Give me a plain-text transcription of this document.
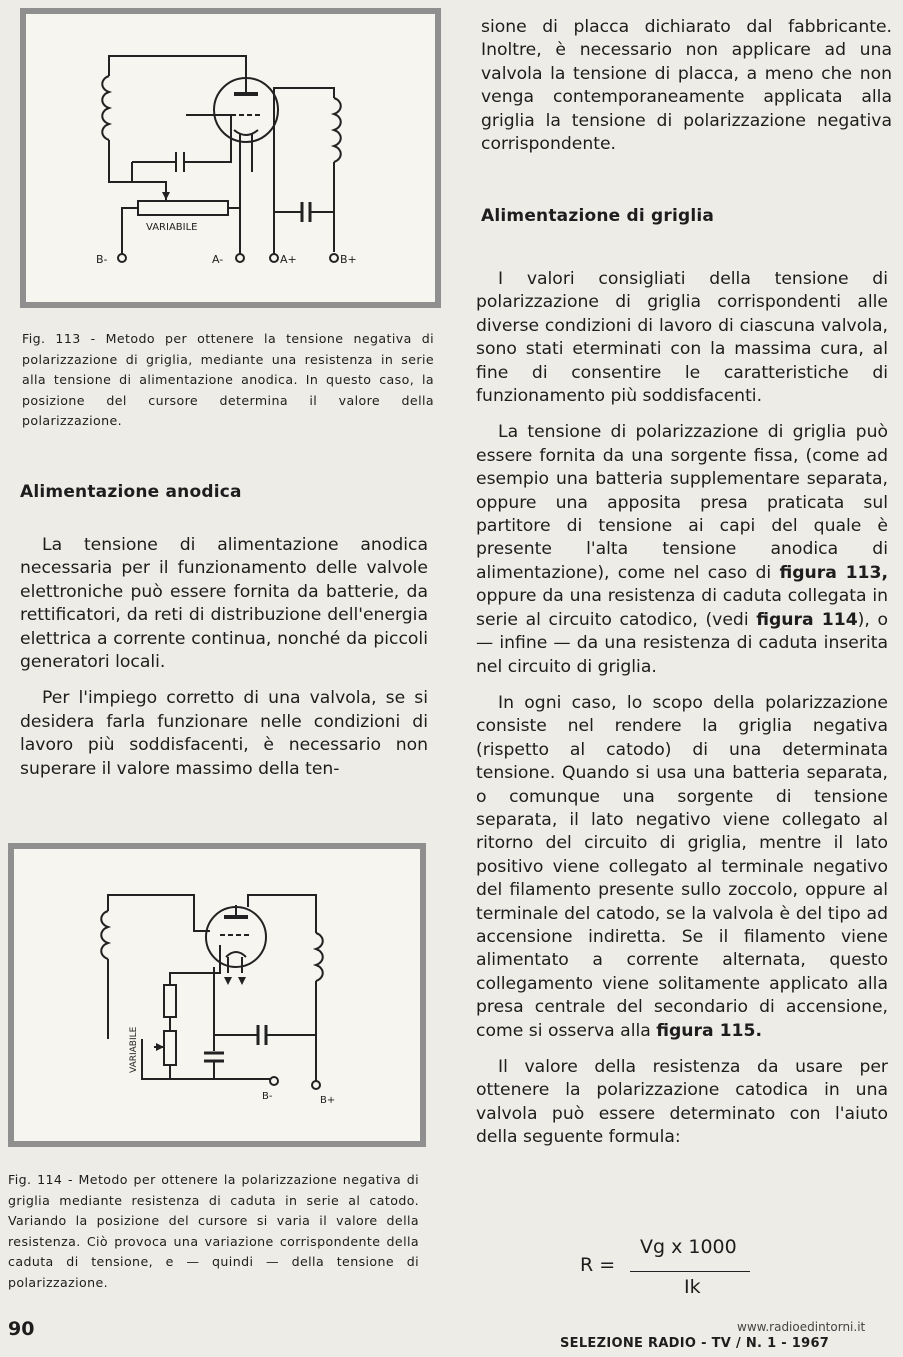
VARIABILE
B-	A-	A+	B+

Fig. 113 - Metodo per ottenere la tensione negativa di polarizzazione di griglia, mediante una resistenza in serie alla tensione di alimentazione anodica. In questo caso, la posizione del cursore determina il valore della polarizzazione.

Alimentazione anodica

La tensione di alimentazione anodica necessaria per il funzionamento delle valvole elettroniche può essere fornita da batterie, da rettificatori, da reti di distribuzione dell'energia elettrica a corrente continua, nonché da piccoli generatori locali.

Per l'impiego corretto di una valvola, se si desidera farla funzionare nelle condizioni di lavoro più soddisfacenti, è necessario non superare il valore massimo della ten-

VARIABILE
B-	B+

Fig. 114 - Metodo per ottenere la polarizzazione negativa di griglia mediante resistenza di caduta in serie al catodo. Variando la posizione del cursore si varia il valore della resistenza. Ciò provoca una variazione corrispondente della caduta di tensione, e — quindi — della tensione di polarizzazione.

sione di placca dichiarato dal fabbricante. Inoltre, è necessario non applicare ad una valvola la tensione di placca, a meno che non venga contemporaneamente applicata alla griglia la tensione di polarizzazione negativa corrispondente.

Alimentazione di griglia

I valori consigliati della tensione di polarizzazione di griglia corrispondenti alle diverse condizioni di lavoro di ciascuna valvola, sono stati eterminati con la massima cura, al fine di consentire le caratteristiche di funzionamento più soddisfacenti.

La tensione di polarizzazione di griglia può essere fornita da una sorgente fissa, (come ad esempio una batteria supplementare separata, oppure una apposita presa praticata sul partitore di tensione ai capi del quale è presente l'alta tensione anodica di alimentazione), come nel caso di figura 113, oppure da una resistenza di caduta collegata in serie al circuito catodico, (vedi figura 114), o — infine — da una resistenza di caduta inserita nel circuito di griglia.

In ogni caso, lo scopo della polarizzazione consiste nel rendere la griglia negativa (rispetto al catodo) di una determinata tensione. Quando si usa una batteria separata, o comunque una sorgente di tensione separata, il lato negativo viene collegato al ritorno del circuito di griglia, mentre il lato positivo viene collegato al terminale negativo del filamento presente sullo zoccolo, oppure al terminale del catodo, se la valvola è del tipo ad accensione indiretta. Se il filamento viene alimentato a corrente alternata, questo collegamento viene solitamente applicato alla presa centrale del secondario di accensione, come si osserva alla figura 115.

Il valore della resistenza da usare per ottenere la polarizzazione catodica in una valvola può essere determinato con l'aiuto della seguente formula:

R =
Vg x 1000
Ik

90	www.radioedintorni.it

SELEZIONE RADIO - TV / N. 1 - 1967
